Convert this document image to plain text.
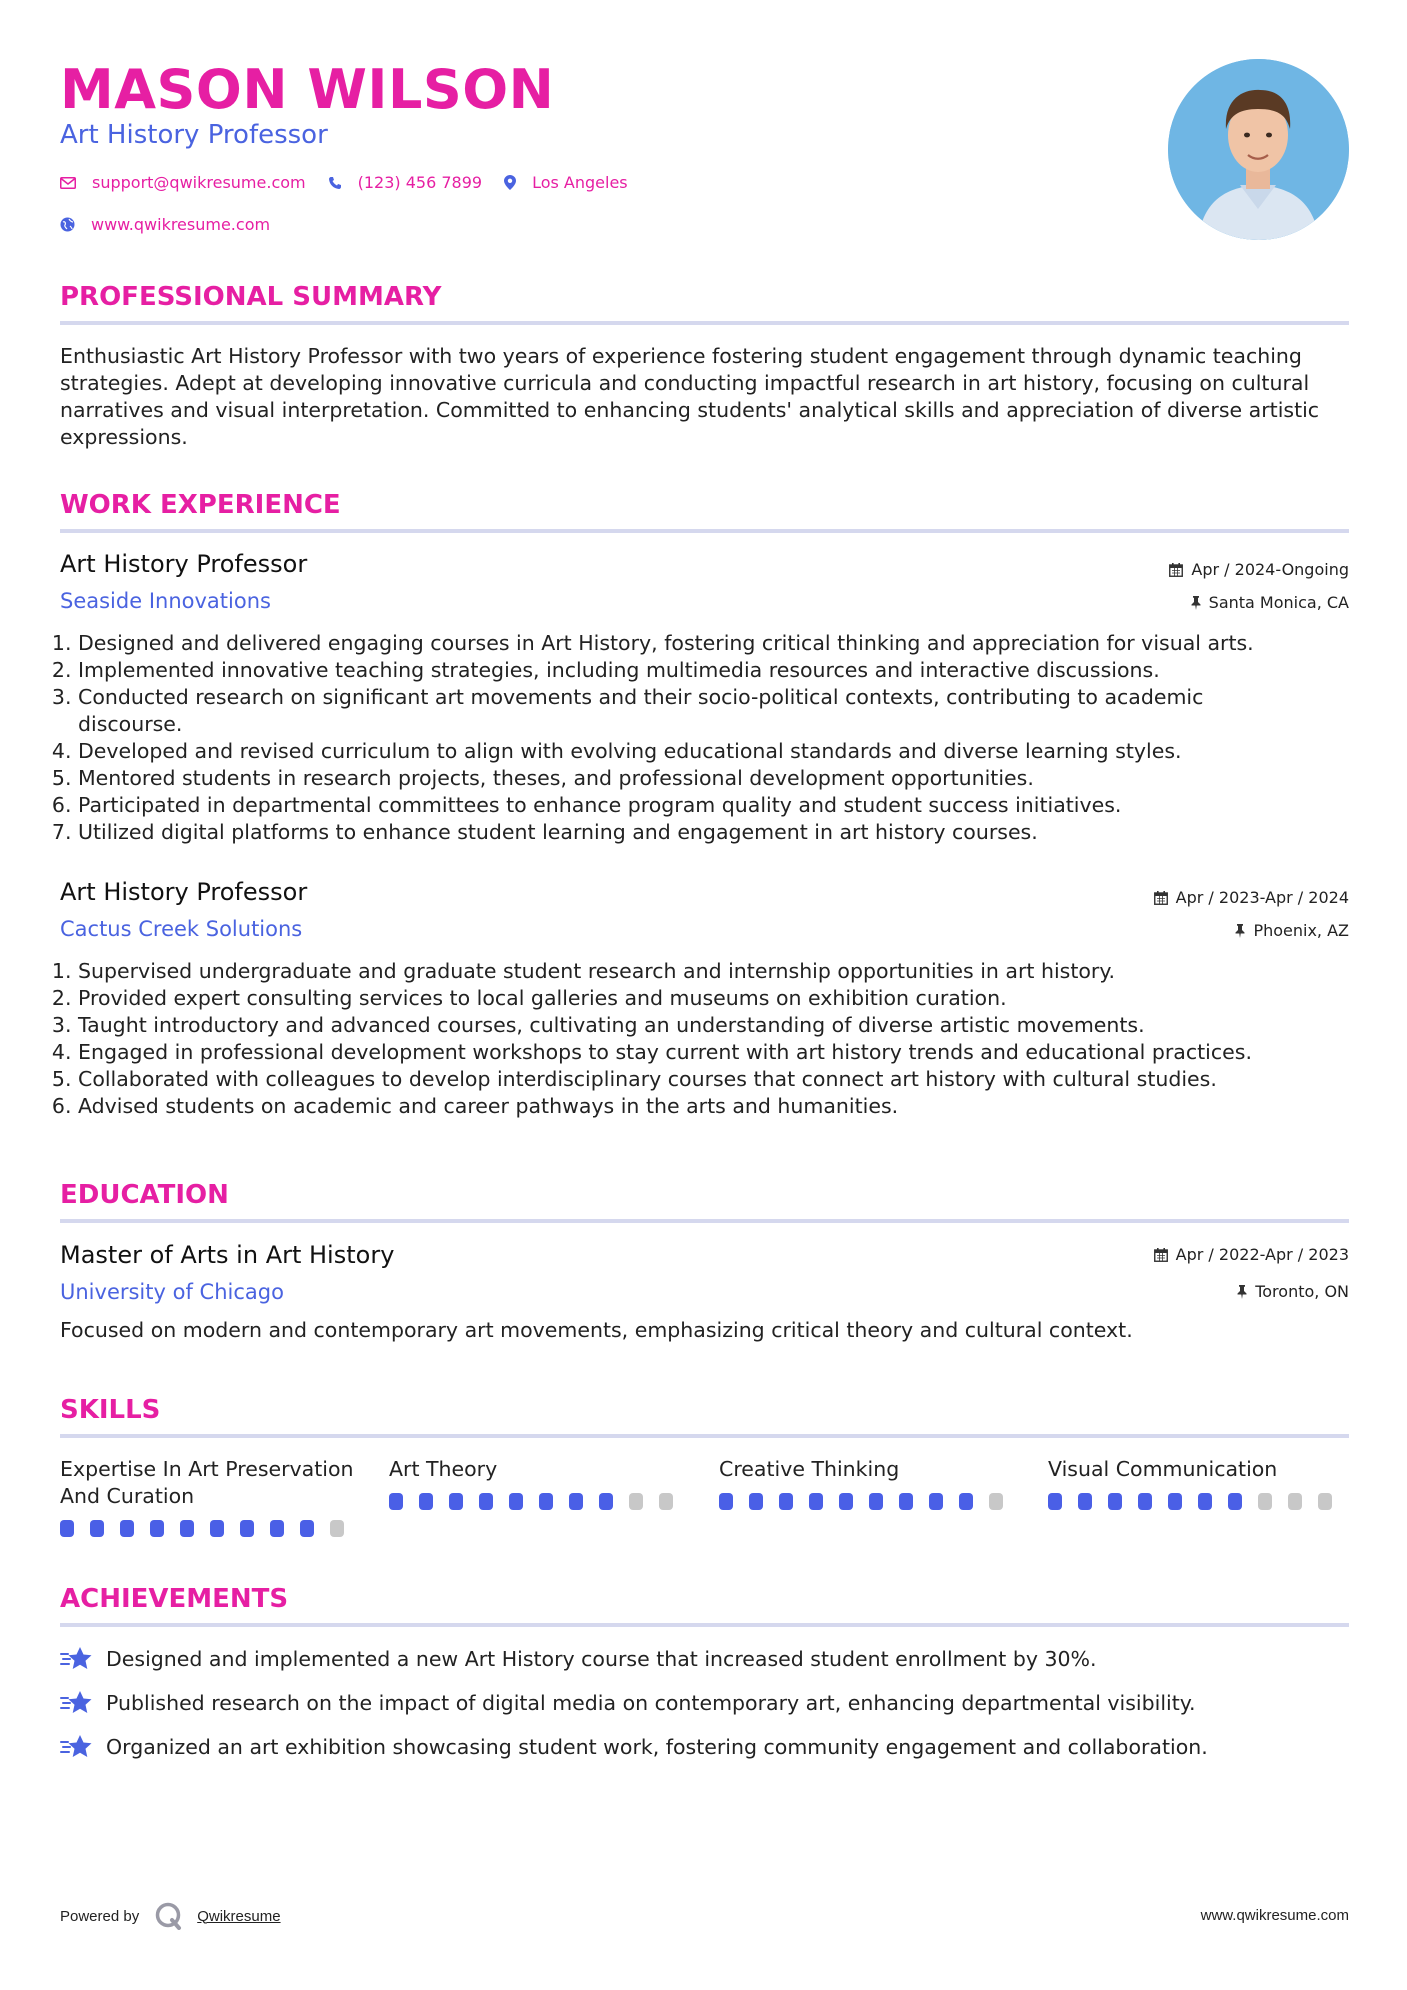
MASON WILSON
Art History Professor
support@qwikresume.com	(123) 456 7899	Los Angeles
www.qwikresume.com
PROFESSIONAL SUMMARY
Enthusiastic Art History Professor with two years of experience fostering student engagement through dynamic teaching strategies. Adept at developing innovative curricula and conducting impactful research in art history, focusing on cultural narratives and visual interpretation. Committed to enhancing students' analytical skills and appreciation of diverse artistic expressions.
WORK EXPERIENCE
Art History Professor
Seaside Innovations
Apr / 2024-Ongoing
Santa Monica, CA
1. Designed and delivered engaging courses in Art History, fostering critical thinking and appreciation for visual arts.
2. Implemented innovative teaching strategies, including multimedia resources and interactive discussions.
3. Conducted research on significant art movements and their socio-political contexts, contributing to academic discourse.
4. Developed and revised curriculum to align with evolving educational standards and diverse learning styles.
5. Mentored students in research projects, theses, and professional development opportunities.
6. Participated in departmental committees to enhance program quality and student success initiatives.
7. Utilized digital platforms to enhance student learning and engagement in art history courses.
Art History Professor
Cactus Creek Solutions
Apr / 2023-Apr / 2024
Phoenix, AZ
1. Supervised undergraduate and graduate student research and internship opportunities in art history.
2. Provided expert consulting services to local galleries and museums on exhibition curation.
3. Taught introductory and advanced courses, cultivating an understanding of diverse artistic movements.
4. Engaged in professional development workshops to stay current with art history trends and educational practices.
5. Collaborated with colleagues to develop interdisciplinary courses that connect art history with cultural studies.
6. Advised students on academic and career pathways in the arts and humanities.
EDUCATION
Master of Arts in Art History
University of Chicago
Apr / 2022-Apr / 2023
Toronto, ON
Focused on modern and contemporary art movements, emphasizing critical theory and cultural context.
SKILLS
Expertise In Art Preservation And Curation
Art Theory	Creative Thinking	Visual Communication
ACHIEVEMENTS
Designed and implemented a new Art History course that increased student enrollment by 30%.
Published research on the impact of digital media on contemporary art, enhancing departmental visibility.
Organized an art exhibition showcasing student work, fostering community engagement and collaboration.
Powered by	Qwikresume	www.qwikresume.com
